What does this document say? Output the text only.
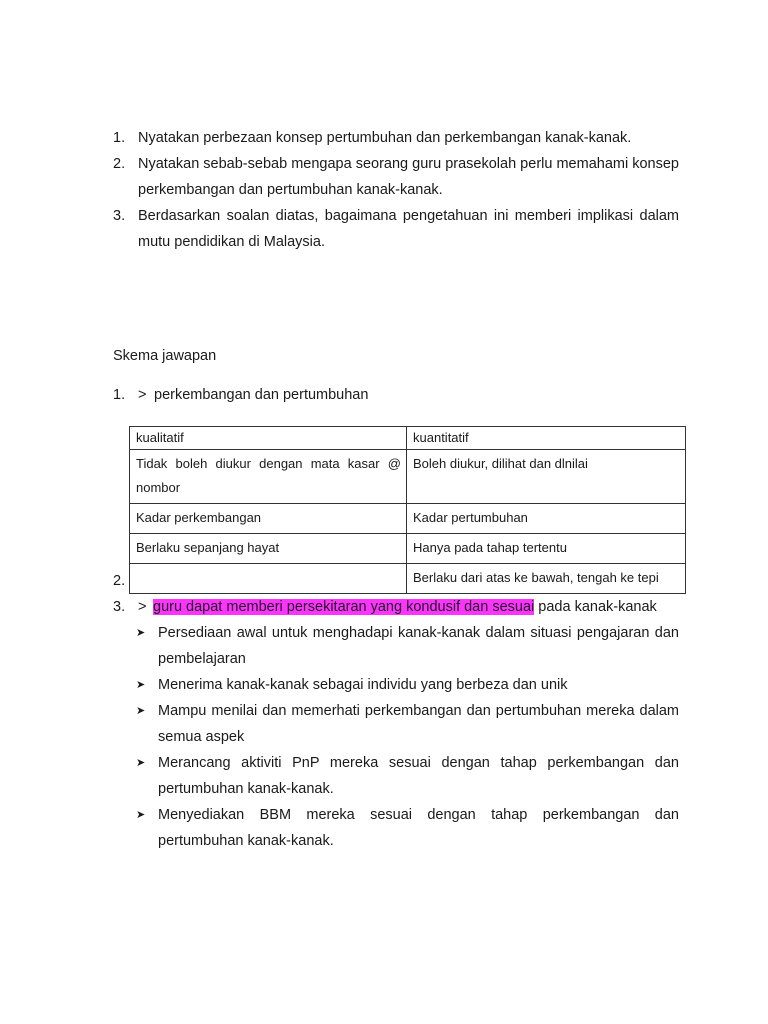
1. Nyatakan perbezaan konsep pertumbuhan dan perkembangan kanak-kanak.
2. Nyatakan sebab-sebab mengapa seorang guru prasekolah perlu memahami konsep perkembangan dan pertumbuhan kanak-kanak.
3. Berdasarkan soalan diatas, bagaimana pengetahuan ini memberi implikasi dalam mutu pendidikan di Malaysia.
Skema jawapan
1. > perkembangan dan pertumbuhan
kualitatif	kuantitatif
Tidak boleh diukur dengan mata kasar @ nombor	Boleh diukur, dilihat dan dlnilai
Kadar perkembangan	Kadar pertumbuhan
Berlaku sepanjang hayat	Hanya pada tahap tertentu
	Berlaku dari atas ke bawah, tengah ke tepi
2.
3. > guru dapat memberi persekitaran yang kondusif dan sesuai pada kanak-kanak
➤ Persediaan awal untuk menghadapi kanak-kanak dalam situasi pengajaran dan pembelajaran
➤ Menerima kanak-kanak sebagai individu yang berbeza dan unik
➤ Mampu menilai dan memerhati perkembangan dan pertumbuhan mereka dalam semua aspek
➤ Merancang aktiviti PnP mereka sesuai dengan tahap perkembangan dan pertumbuhan kanak-kanak.
➤ Menyediakan BBM mereka sesuai dengan tahap perkembangan dan pertumbuhan kanak-kanak.
